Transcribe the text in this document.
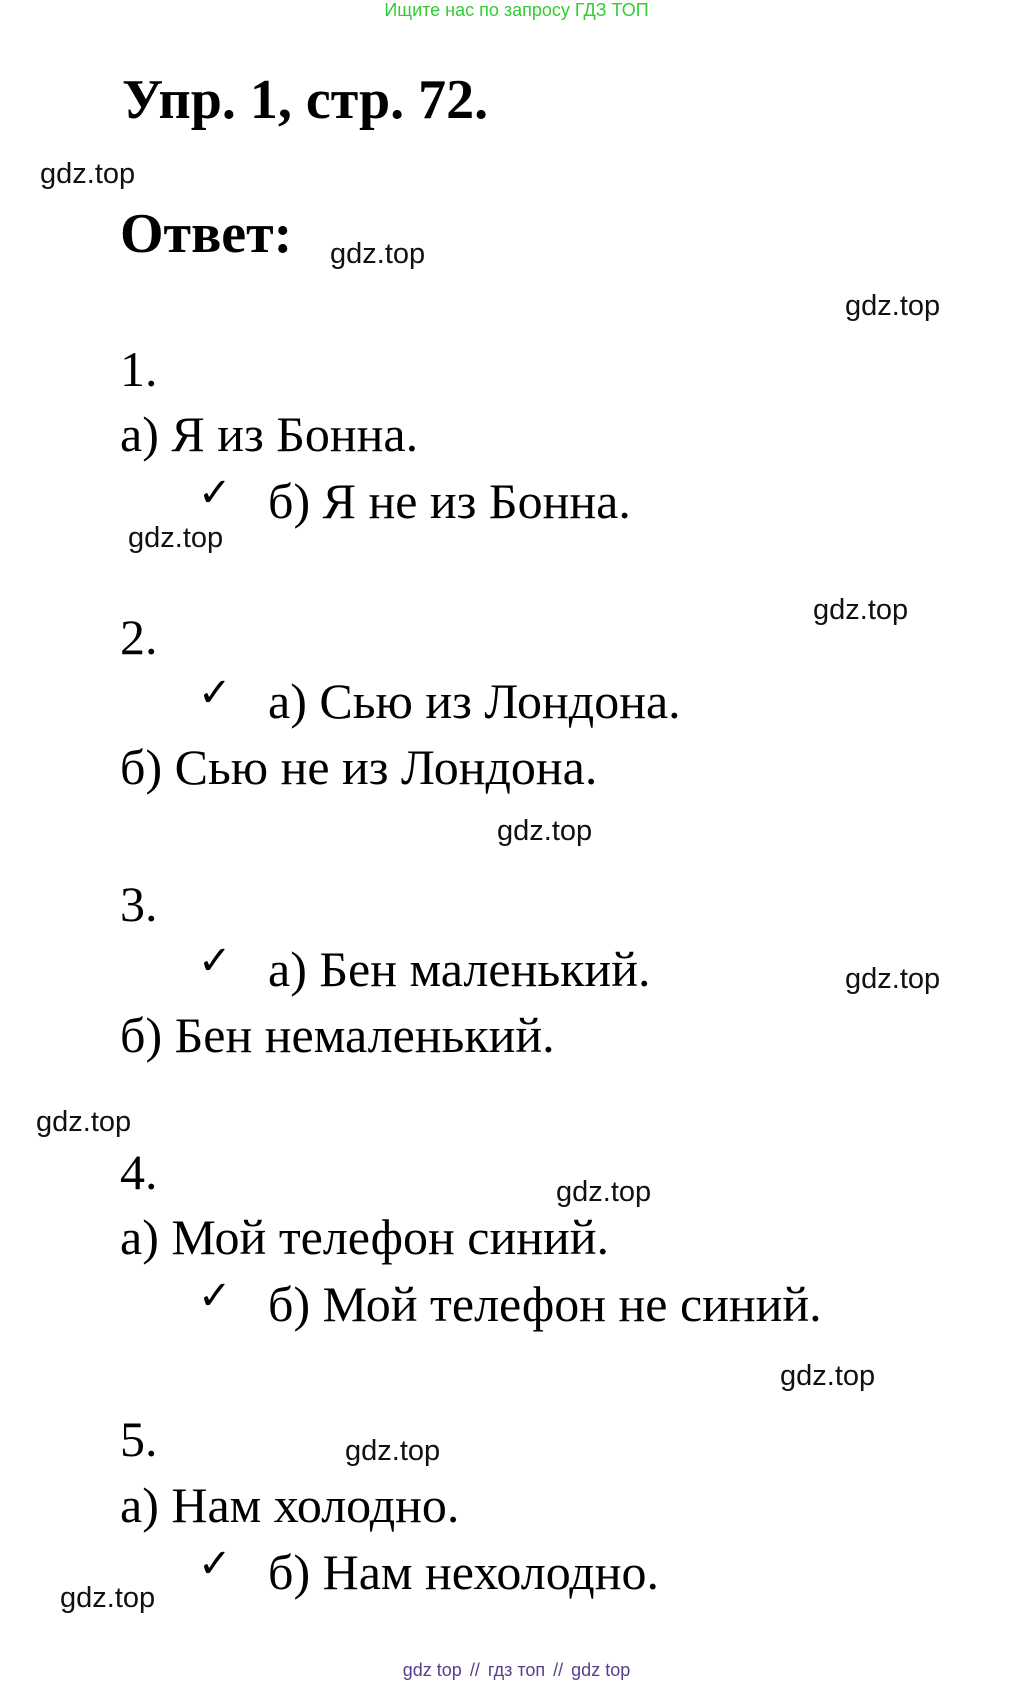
Ищите нас по запросу ГДЗ ТОП
Упр. 1, стр. 72.
Ответ:
1.
а) Я из Бонна.
✓ б) Я не из Бонна.
2.
✓ а) Сью из Лондона.
б) Сью не из Лондона.
3.
✓ а) Бен маленький.
б) Бен немаленький.
4.
а) Мой телефон синий.
✓ б) Мой телефон не синий.
5.
а) Нам холодно.
✓ б) Нам нехолодно.
gdz.top
gdz.top
gdz.top
gdz.top
gdz.top
gdz.top
gdz.top
gdz.top
gdz.top
gdz.top
gdz.top
gdz.top
gdz top // гдз топ // gdz top
